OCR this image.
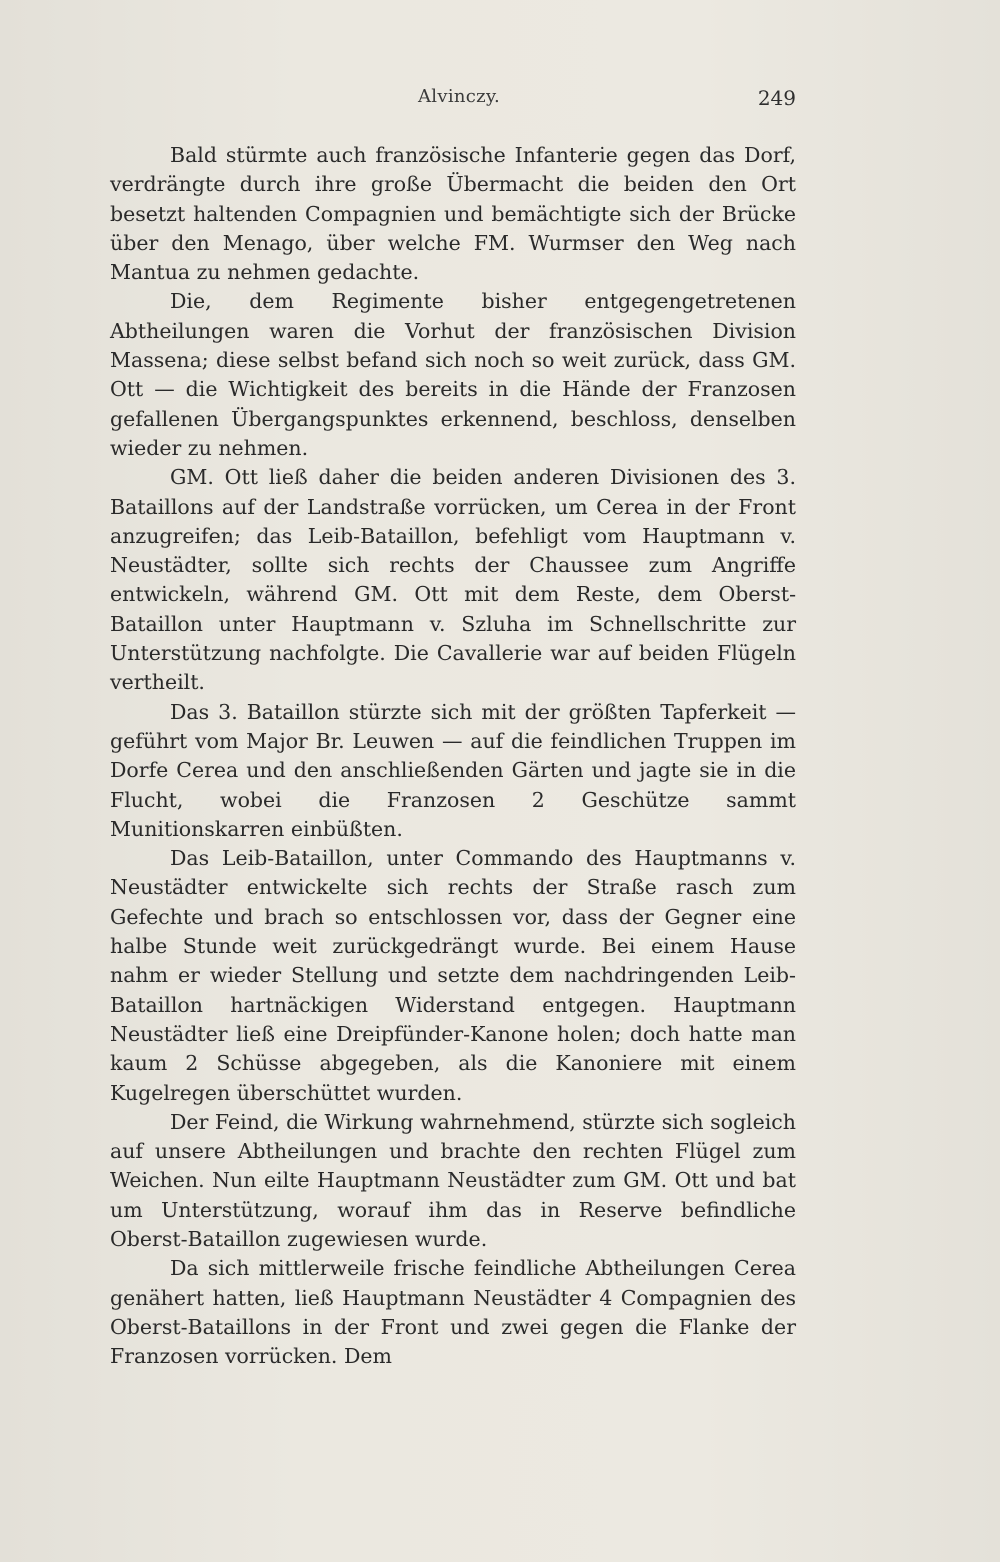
Alvinczy.	249

Bald stürmte auch französische Infanterie gegen das Dorf, verdrängte durch ihre große Übermacht die beiden den Ort besetzt haltenden Compagnien und bemächtigte sich der Brücke über den Menago, über welche FM. Wurmser den Weg nach Mantua zu nehmen gedachte.

Die, dem Regimente bisher entgegengetretenen Abtheilungen waren die Vorhut der französischen Division Massena; diese selbst befand sich noch so weit zurück, dass GM. Ott — die Wichtigkeit des bereits in die Hände der Franzosen gefallenen Übergangspunktes erkennend, beschloss, denselben wieder zu nehmen.

GM. Ott ließ daher die beiden anderen Divisionen des 3. Bataillons auf der Landstraße vorrücken, um Cerea in der Front anzugreifen; das Leib-Bataillon, befehligt vom Hauptmann v. Neustädter, sollte sich rechts der Chaussee zum Angriffe entwickeln, während GM. Ott mit dem Reste, dem Oberst-Bataillon unter Hauptmann v. Szluha im Schnellschritte zur Unterstützung nachfolgte. Die Cavallerie war auf beiden Flügeln vertheilt.

Das 3. Bataillon stürzte sich mit der größten Tapferkeit — geführt vom Major Br. Leuwen — auf die feindlichen Truppen im Dorfe Cerea und den anschließenden Gärten und jagte sie in die Flucht, wobei die Franzosen 2 Geschütze sammt Munitionskarren einbüßten.

Das Leib-Bataillon, unter Commando des Hauptmanns v. Neustädter entwickelte sich rechts der Straße rasch zum Gefechte und brach so entschlossen vor, dass der Gegner eine halbe Stunde weit zurückgedrängt wurde. Bei einem Hause nahm er wieder Stellung und setzte dem nachdringenden Leib-Bataillon hartnäckigen Widerstand entgegen. Hauptmann Neustädter ließ eine Dreipfünder-Kanone holen; doch hatte man kaum 2 Schüsse abgegeben, als die Kanoniere mit einem Kugelregen überschüttet wurden.

Der Feind, die Wirkung wahrnehmend, stürzte sich sogleich auf unsere Abtheilungen und brachte den rechten Flügel zum Weichen. Nun eilte Hauptmann Neustädter zum GM. Ott und bat um Unterstützung, worauf ihm das in Reserve befindliche Oberst-Bataillon zugewiesen wurde.

Da sich mittlerweile frische feindliche Abtheilungen Cerea genähert hatten, ließ Hauptmann Neustädter 4 Compagnien des Oberst-Bataillons in der Front und zwei gegen die Flanke der Franzosen vorrücken. Dem
